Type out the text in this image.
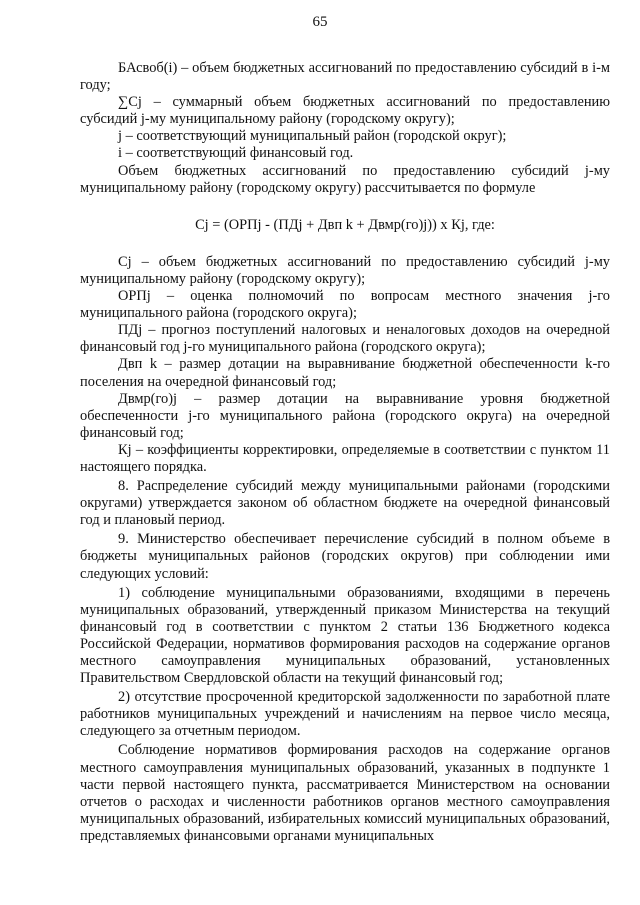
65

БАсвоб(i) – объем бюджетных ассигнований по предоставлению субсидий в i-м году;

∑Cj – суммарный объем бюджетных ассигнований по предоставлению субсидий j-му муниципальному району (городскому округу);

j – соответствующий муниципальный район (городской округ);

i – соответствующий финансовый год.

Объем бюджетных ассигнований по предоставлению субсидий j-му муниципальному району (городскому округу) рассчитывается по формуле

Cj = (ОРПj - (ПДj + Двп k + Двмр(го)j)) х Кj, где:

Cj – объем бюджетных ассигнований по предоставлению субсидий j-му муниципальному району (городскому округу);

ОРПj – оценка полномочий по вопросам местного значения j-го муниципального района (городского округа);

ПДj – прогноз поступлений налоговых и неналоговых доходов на очередной финансовый год j-го муниципального района (городского округа);

Двп k – размер дотации на выравнивание бюджетной обеспеченности k-го поселения на очередной финансовый год;

Двмр(го)j – размер дотации на выравнивание уровня бюджетной обеспеченности j-го муниципального района (городского округа) на очередной финансовый год;

Кj – коэффициенты корректировки, определяемые в соответствии с пунктом 11 настоящего порядка.

8. Распределение субсидий между муниципальными районами (городскими округами) утверждается законом об областном бюджете на очередной финансовый год и плановый период.

9. Министерство обеспечивает перечисление субсидий в полном объеме в бюджеты муниципальных районов (городских округов) при соблюдении ими следующих условий:

1) соблюдение муниципальными образованиями, входящими в перечень муниципальных образований, утвержденный приказом Министерства на текущий финансовый год в соответствии с пунктом 2 статьи 136 Бюджетного кодекса Российской Федерации, нормативов формирования расходов на содержание органов местного самоуправления муниципальных образований, установленных Правительством Свердловской области на текущий финансовый год;

2) отсутствие просроченной кредиторской задолженности по заработной плате работников муниципальных учреждений и начислениям на первое число месяца, следующего за отчетным периодом.

Соблюдение нормативов формирования расходов на содержание органов местного самоуправления муниципальных образований, указанных в подпункте 1 части первой настоящего пункта, рассматривается Министерством на основании отчетов о расходах и численности работников органов местного самоуправления муниципальных образований, избирательных комиссий муниципальных образований, представляемых финансовыми органами муниципальных
